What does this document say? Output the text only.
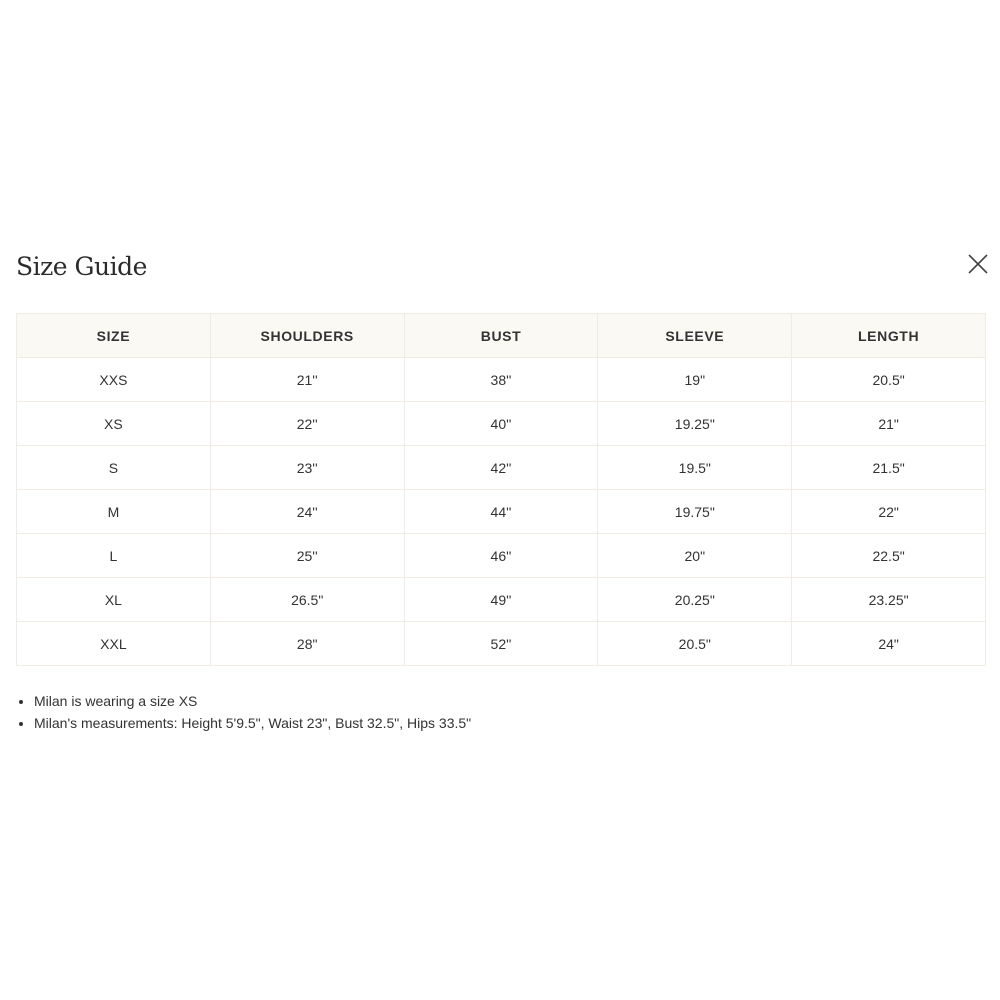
Size Guide
SIZE	SHOULDERS	BUST	SLEEVE	LENGTH
XXS	21''	38''	19"	20.5"
XS	22''	40''	19.25"	21"
S	23''	42''	19.5"	21.5"
M	24''	44''	19.75"	22"
L	25''	46''	20"	22.5"
XL	26.5"	49''	20.25"	23.25"
XXL	28"	52''	20.5"	24"
• Milan is wearing a size XS
• Milan's measurements: Height 5'9.5", Waist 23", Bust 32.5", Hips 33.5"
